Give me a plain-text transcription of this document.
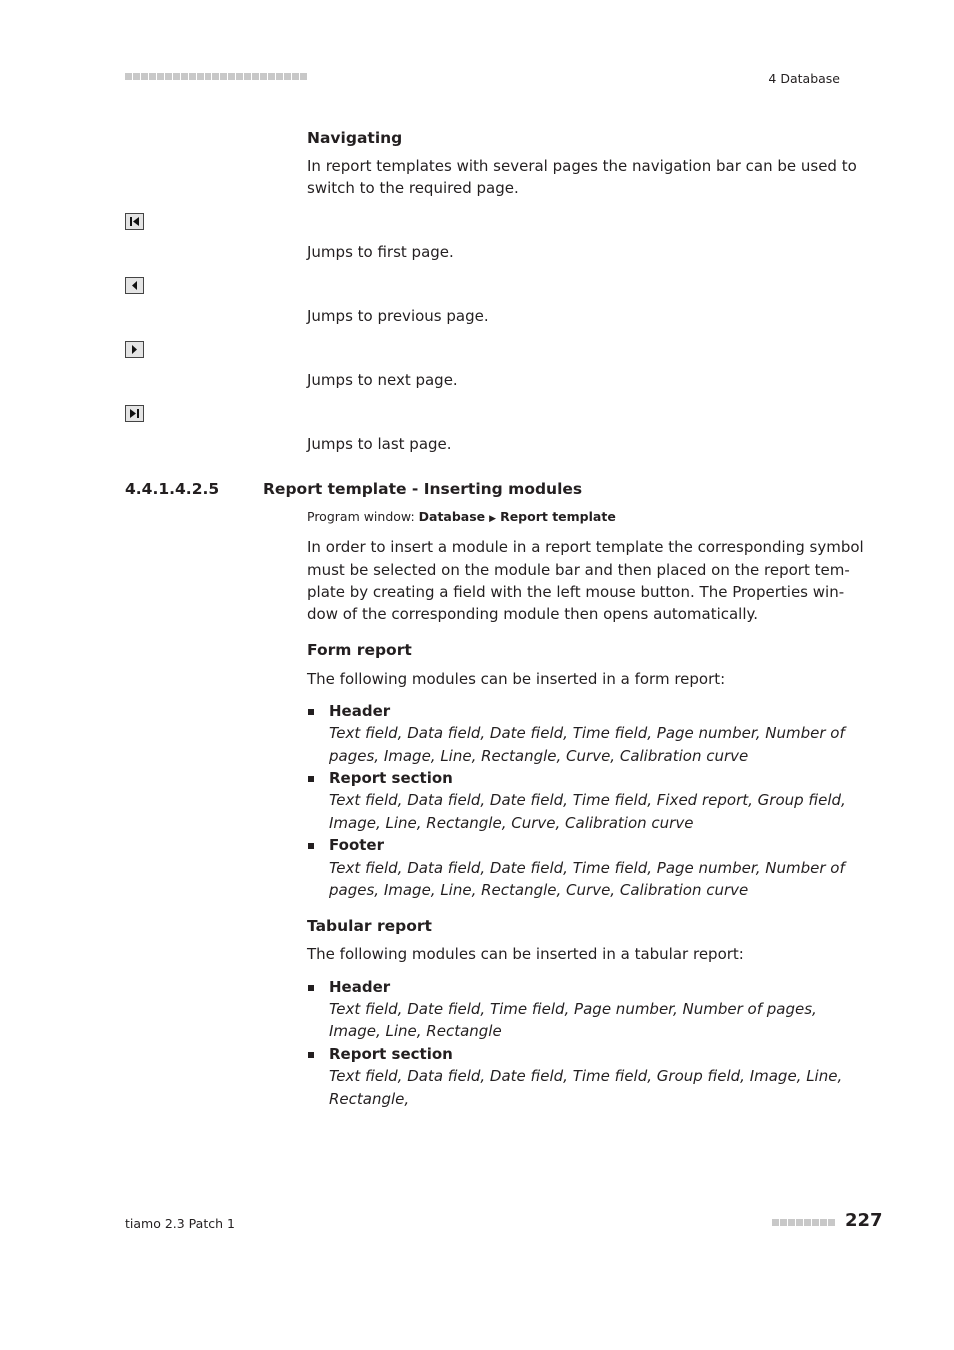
4 Database
Navigating
In report templates with several pages the navigation bar can be used to
switch to the required page.
Jumps to first page.
Jumps to previous page.
Jumps to next page.
Jumps to last page.
4.4.1.4.2.5	Report template - Inserting modules
Program window: Database ▶ Report template
In order to insert a module in a report template the corresponding symbol
must be selected on the module bar and then placed on the report tem-
plate by creating a field with the left mouse button. The Properties win-
dow of the corresponding module then opens automatically.
Form report
The following modules can be inserted in a form report:
Header
Text field, Data field, Date field, Time field, Page number, Number of
pages, Image, Line, Rectangle, Curve, Calibration curve
Report section
Text field, Data field, Date field, Time field, Fixed report, Group field,
Image, Line, Rectangle, Curve, Calibration curve
Footer
Text field, Data field, Date field, Time field, Page number, Number of
pages, Image, Line, Rectangle, Curve, Calibration curve
Tabular report
The following modules can be inserted in a tabular report:
Header
Text field, Date field, Time field, Page number, Number of pages,
Image, Line, Rectangle
Report section
Text field, Data field, Date field, Time field, Group field, Image, Line,
Rectangle,
tiamo 2.3 Patch 1	227
